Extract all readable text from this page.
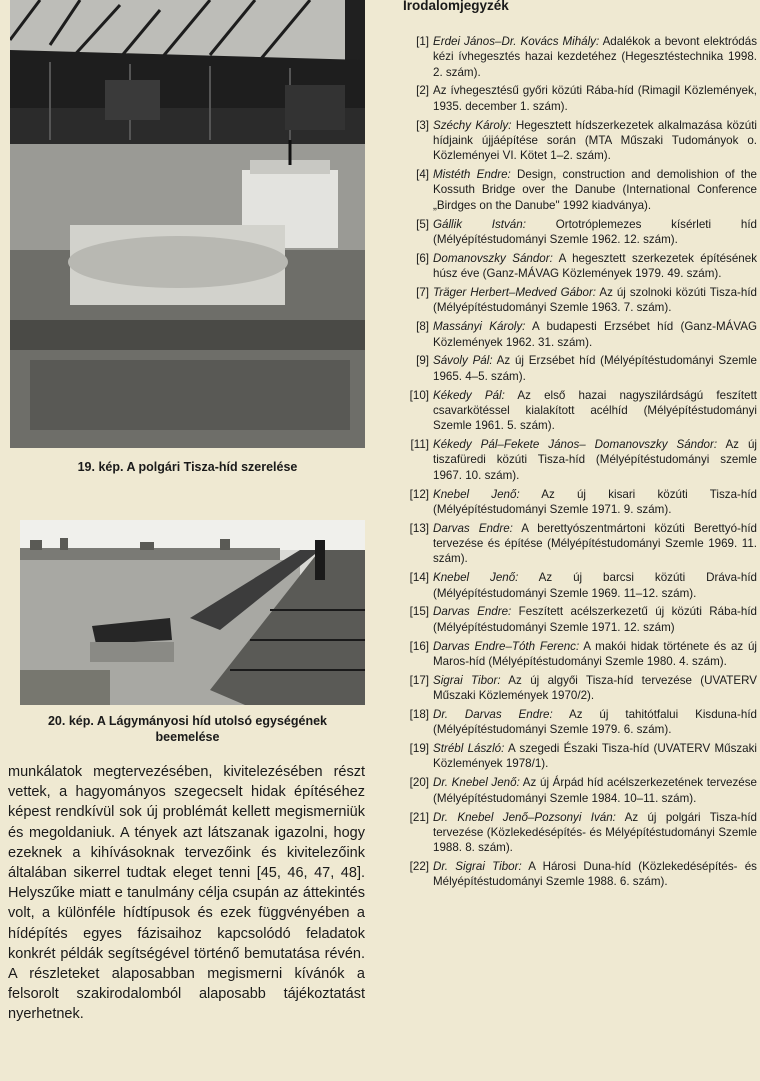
19. kép. A polgári Tisza-híd szerelése
20. kép. A Lágymányosi híd utolsó egységének
beemelése
munkálatok megtervezésében, kivitelezésében részt vettek, a hagyományos szegecselt hidak építéséhez képest rendkívül sok új problémát kellett megismerniük és megoldaniuk. A tények azt látszanak igazolni, hogy ezeknek a kihívásoknak tervezőink és kivitelezőink általában sikerrel tudtak eleget tenni [45, 46, 47, 48]. Helyszűke miatt e tanulmány célja csupán az áttekintés volt, a különféle hídtípusok és ezek függvényében a hídépítés egyes fázisaihoz kapcsolódó feladatok konkrét példák segítségével történő bemutatása révén. A részleteket alaposabban megismerni kívánók a felsorolt szakirodalomból alaposabb tájékoztatást nyerhetnek.
Irodalomjegyzék
[1] Erdei János–Dr. Kovács Mihály: Adalékok a bevont elektródás kézi ívhegesztés hazai kezdetéhez (Hegesztéstechnika 1998. 2. szám).
[2] Az ívhegesztésű győri közúti Rába-híd (Rimagil Közlemények, 1935. december 1. szám).
[3] Széchy Károly: Hegesztett hídszerkezetek alkalmazása közúti hídjaink újjáépítése során (MTA Műszaki Tudományok o. Közleményei VI. Kötet 1–2. szám).
[4] Mistéth Endre: Design, construction and demolishion of the Kossuth Bridge over the Danube (International Conference „Birdges on the Danube" 1992 kiadványa).
[5] Gállik István: Ortotróplemezes kísérleti híd (Mélyépítéstudományi Szemle 1962. 12. szám).
[6] Domanovszky Sándor: A hegesztett szerkezetek építésének húsz éve (Ganz-MÁVAG Közlemények 1979. 49. szám).
[7] Träger Herbert–Medved Gábor: Az új szolnoki közúti Tisza-híd (Mélyépítéstudományi Szemle 1963. 7. szám).
[8] Massányi Károly: A budapesti Erzsébet híd (Ganz-MÁVAG Közlemények 1962. 31. szám).
[9] Sávoly Pál: Az új Erzsébet híd (Mélyépítéstudományi Szemle 1965. 4–5. szám).
[10] Kékedy Pál: Az első hazai nagyszilárdságú feszített csavarkötéssel kialakított acélhíd (Mélyépítéstudományi Szemle 1961. 5. szám).
[11] Kékedy Pál–Fekete János– Domanovszky Sándor: Az új tiszafüredi közúti Tisza-híd (Mélyépítéstudományi szemle 1967. 10. szám).
[12] Knebel Jenő: Az új kisari közúti Tisza-híd (Mélyépítéstudományi Szemle 1971. 9. szám).
[13] Darvas Endre: A berettyószentmártoni közúti Berettyó-híd tervezése és építése (Mélyépítéstudományi Szemle 1969. 11. szám).
[14] Knebel Jenő: Az új barcsi közúti Dráva-híd (Mélyépítéstudományi Szemle 1969. 11–12. szám).
[15] Darvas Endre: Feszített acélszerkezetű új közúti Rába-híd (Mélyépítéstudományi Szemle 1971. 12. szám)
[16] Darvas Endre–Tóth Ferenc: A makói hidak története és az új Maros-híd (Mélyépítéstudományi Szemle 1980. 4. szám).
[17] Sigrai Tibor: Az új algyői Tisza-híd tervezése (UVATERV Műszaki Közlemények 1970/2).
[18] Dr. Darvas Endre: Az új tahitótfalui Kisduna-híd (Mélyépítéstudományi Szemle 1979. 6. szám).
[19] Strébl László: A szegedi Északi Tisza-híd (UVATERV Műszaki Közlemények 1978/1).
[20] Dr. Knebel Jenő: Az új Árpád híd acélszerkezetének tervezése (Mélyépítéstudományi Szemle 1984. 10–11. szám).
[21] Dr. Knebel Jenő–Pozsonyi Iván: Az új polgári Tisza-híd tervezése (Közlekedésépítés- és Mélyépítéstudományi Szemle 1988. 8. szám).
[22] Dr. Sigrai Tibor: A Hárosi Duna-híd (Közlekedésépítés- és Mélyépítéstudományi Szemle 1988. 6. szám).
